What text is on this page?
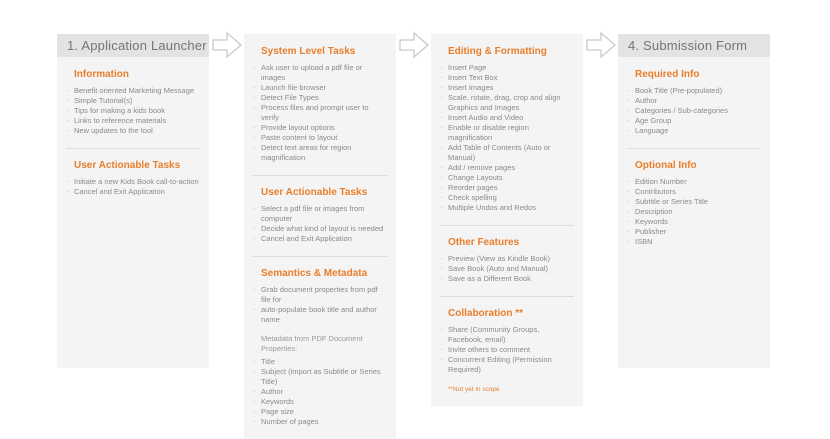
1. Application Launcher
Information
· Benefit oriented Marketing Message
· Simple Tutorial(s)
· Tips for making a kids book
· Links to reference materials
· New updates to the tool
User Actionable Tasks
· Initiate a new Kids Book call-to-action
· Cancel and Exit Application
System Level Tasks
· Ask user to upload a pdf file or images
· Launch file browser
· Detect File Types
· Process files and prompt user to verify
· Provide layout options
· Paste content to layout
· Detect text areas for region magnification
User Actionable Tasks
· Select a pdf file or images from computer
· Decide what kind of layout is needed
· Cancel and Exit Application
Semantics & Metadata
· Grab document properties from pdf file for
· auto-populate book title and author name
Metadata from PDF Document Properties:
· Title
· Subject (import as Subtitle or Series Title)
· Author
· Keywords
· Page size
· Number of pages
Editing & Formatting
· Insert Page
· Insert Text Box
· Insert Images
· Scale, rotate, drag, crop and align Graphics and Images
· Insert Audio and Video
· Enable or disable region magnification
· Add Table of Contents (Auto or Manual)
· Add / remove pages
· Change Layouts
· Reorder pages
· Check spelling
· Multiple Undos and Redos
Other Features
· Preview (View as Kindle Book)
· Save Book (Auto and Manual)
· Save as a Different Book
Collaboration **
· Share (Community Groups, Facebook, email)
· Invite others to comment
· Concurrent Editing (Permission Required)
**Not yet in scope
4. Submission Form
Required Info
· Book Title (Pre-populated)
· Author
· Categories / Sub-categories
· Age Group
· Language
Optional Info
· Edition Number
· Contributors
· Subtitle or Series Title
· Description
· Keywords
· Publisher
· ISBN
